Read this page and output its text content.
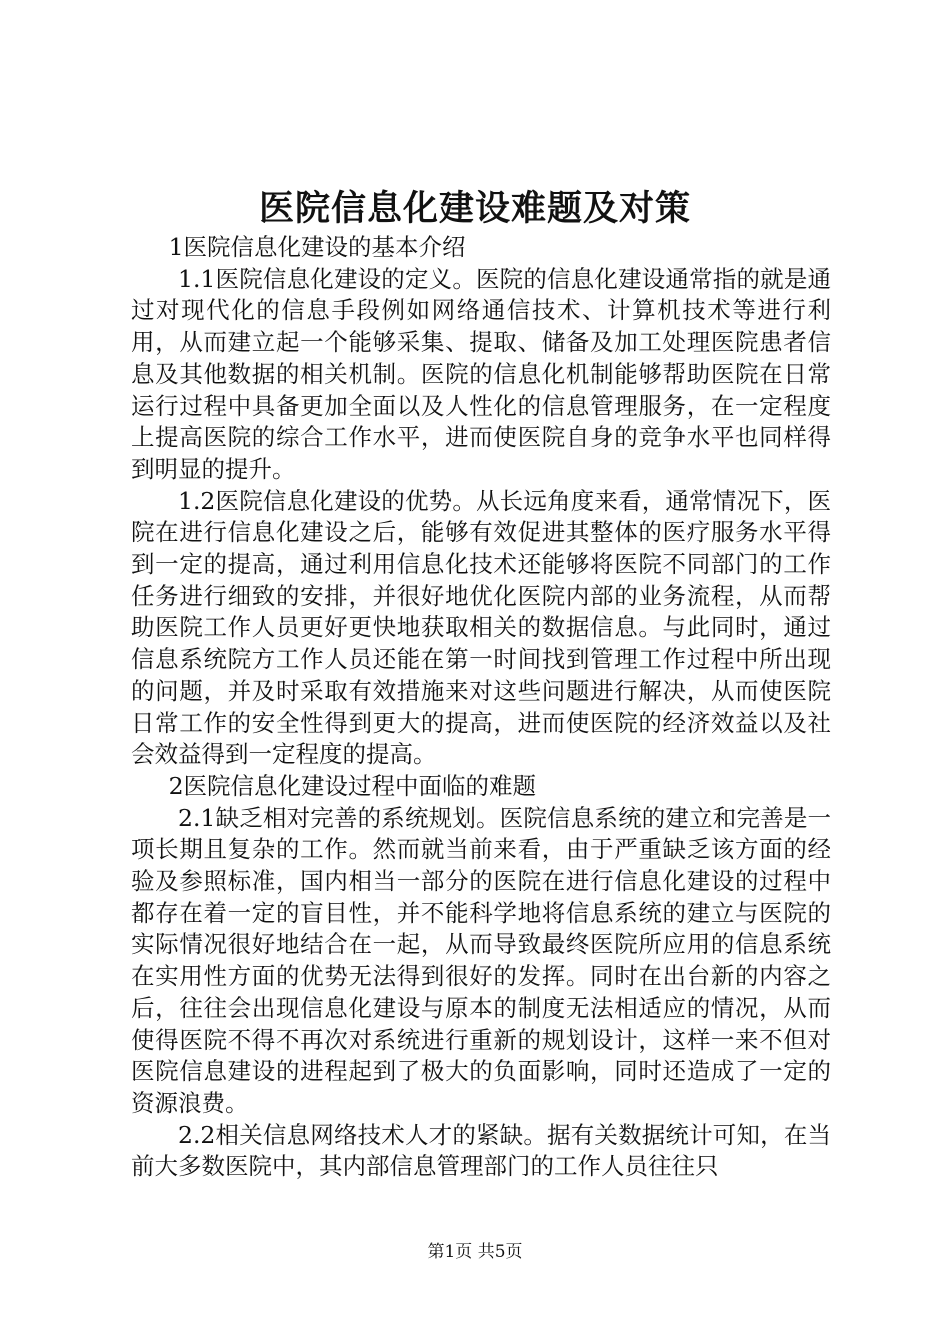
医院信息化建设难题及对策

1医院信息化建设的基本介绍

1.1医院信息化建设的定义。医院的信息化建设通常指的就是通过对现代化的信息手段例如网络通信技术、计算机技术等进行利用，从而建立起一个能够采集、提取、储备及加工处理医院患者信息及其他数据的相关机制。医院的信息化机制能够帮助医院在日常运行过程中具备更加全面以及人性化的信息管理服务，在一定程度上提高医院的综合工作水平，进而使医院自身的竞争水平也同样得到明显的提升。

1.2医院信息化建设的优势。从长远角度来看，通常情况下，医院在进行信息化建设之后，能够有效促进其整体的医疗服务水平得到一定的提高，通过利用信息化技术还能够将医院不同部门的工作任务进行细致的安排，并很好地优化医院内部的业务流程，从而帮助医院工作人员更好更快地获取相关的数据信息。与此同时，通过信息系统院方工作人员还能在第一时间找到管理工作过程中所出现的问题，并及时采取有效措施来对这些问题进行解决，从而使医院日常工作的安全性得到更大的提高，进而使医院的经济效益以及社会效益得到一定程度的提高。

2医院信息化建设过程中面临的难题

2.1缺乏相对完善的系统规划。医院信息系统的建立和完善是一项长期且复杂的工作。然而就当前来看，由于严重缺乏该方面的经验及参照标准，国内相当一部分的医院在进行信息化建设的过程中都存在着一定的盲目性，并不能科学地将信息系统的建立与医院的实际情况很好地结合在一起，从而导致最终医院所应用的信息系统在实用性方面的优势无法得到很好的发挥。同时在出台新的内容之后，往往会出现信息化建设与原本的制度无法相适应的情况，从而使得医院不得不再次对系统进行重新的规划设计，这样一来不但对医院信息建设的进程起到了极大的负面影响，同时还造成了一定的资源浪费。

2.2相关信息网络技术人才的紧缺。据有关数据统计可知，在当前大多数医院中，其内部信息管理部门的工作人员往往只

第1页 共5页
